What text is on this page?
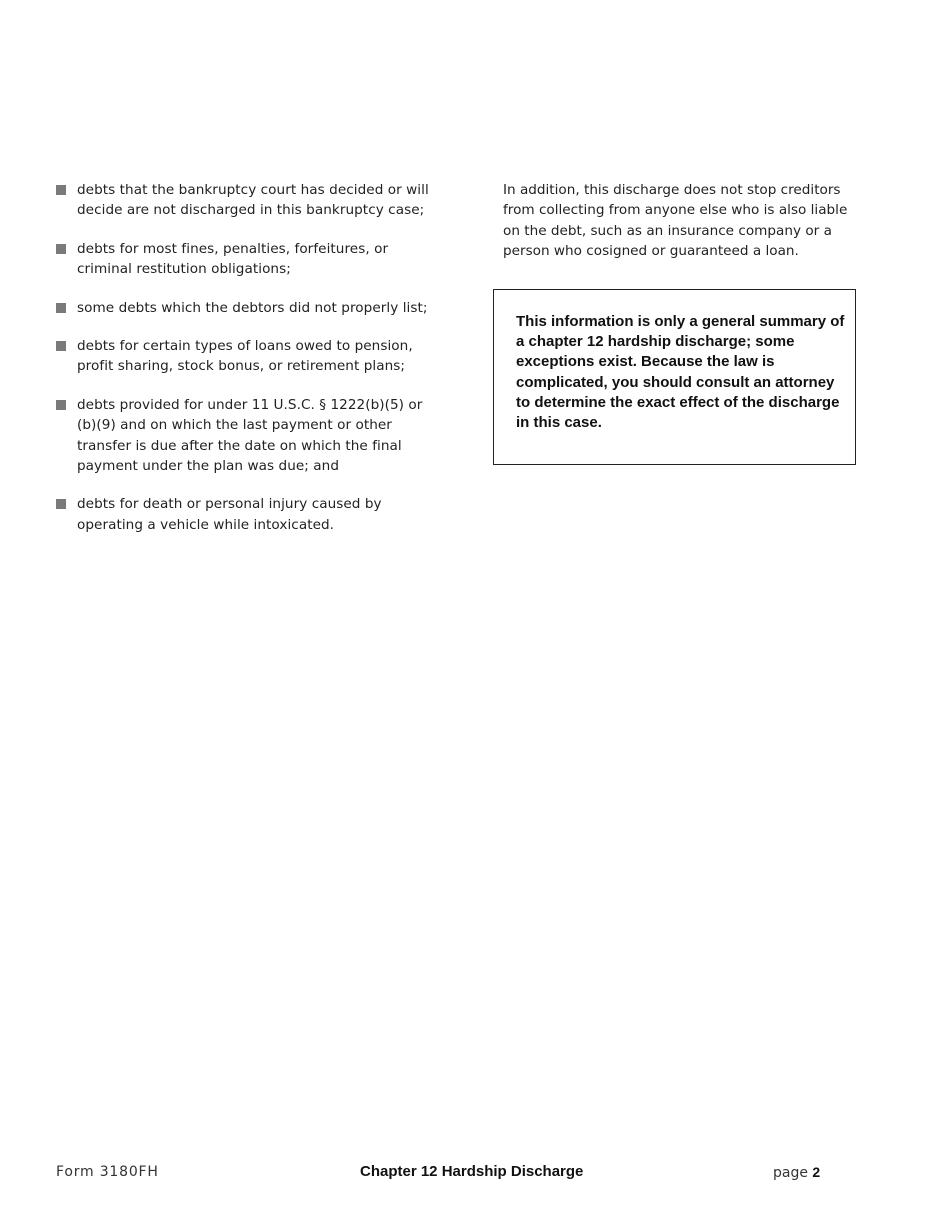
debts that the bankruptcy court has decided or will decide are not discharged in this bankruptcy case;
debts for most fines, penalties, forfeitures, or criminal restitution obligations;
some debts which the debtors did not properly list;
debts for certain types of loans owed to pension, profit sharing, stock bonus, or retirement plans;
debts provided for under 11 U.S.C. § 1222(b)(5) or (b)(9) and on which the last payment or other transfer is due after the date on which the final payment under the plan was due; and
debts for death or personal injury caused by operating a vehicle while intoxicated.

In addition, this discharge does not stop creditors from collecting from anyone else who is also liable on the debt, such as an insurance company or a person who cosigned or guaranteed a loan.

This information is only a general summary of a chapter 12 hardship discharge; some exceptions exist. Because the law is complicated, you should consult an attorney to determine the exact effect of the discharge in this case.

Form 3180FH	Chapter 12 Hardship Discharge	page 2
